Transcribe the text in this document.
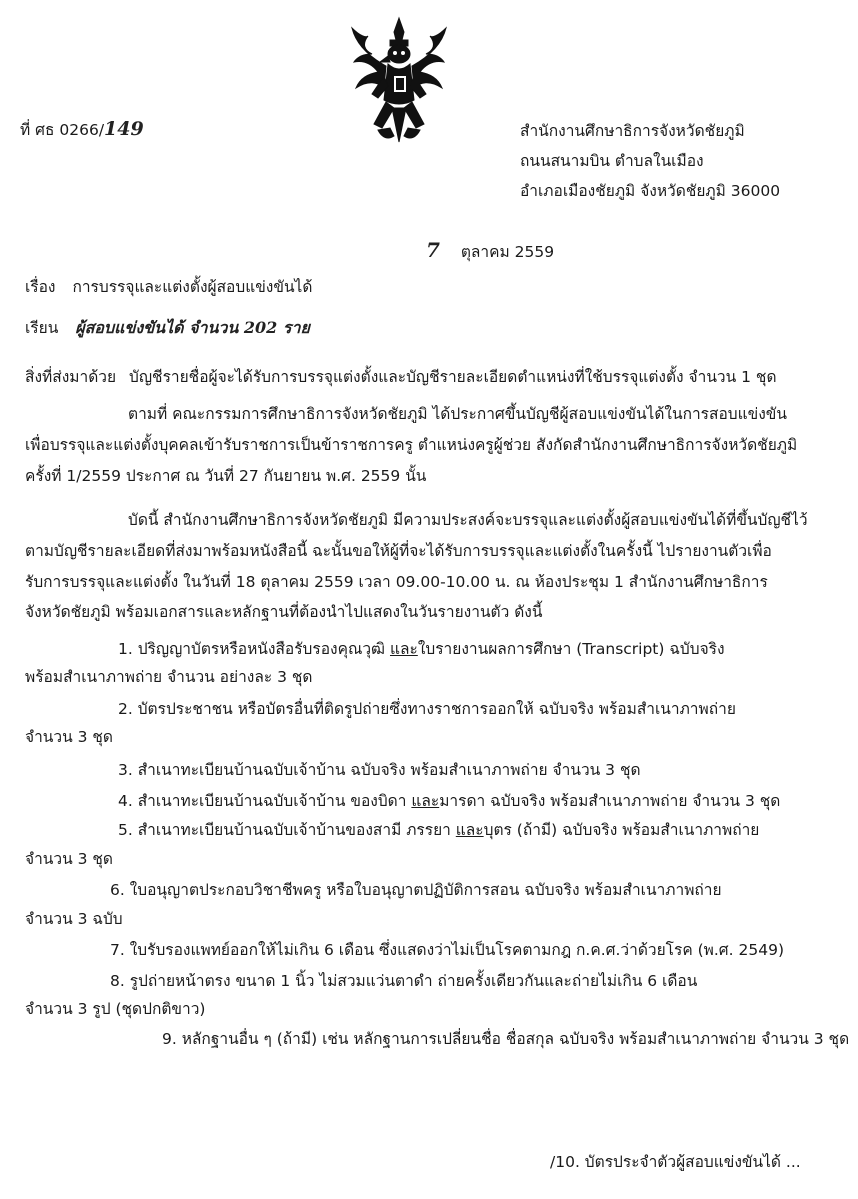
ที่ ศธ 0266/149	สำนักงานศึกษาธิการจังหวัดชัยภูมิ
ถนนสนามบิน ตำบลในเมือง
อำเภอเมืองชัยภูมิ จังหวัดชัยภูมิ 36000
7 ตุลาคม 2559
เรื่อง การบรรจุและแต่งตั้งผู้สอบแข่งขันได้
เรียน ผู้สอบแข่งขันได้ จำนวน 202 ราย
สิ่งที่ส่งมาด้วย บัญชีรายชื่อผู้จะได้รับการบรรจุแต่งตั้งและบัญชีรายละเอียดตำแหน่งที่ใช้บรรจุแต่งตั้ง จำนวน 1 ชุด
ตามที่ คณะกรรมการศึกษาธิการจังหวัดชัยภูมิ ได้ประกาศขึ้นบัญชีผู้สอบแข่งขันได้ในการสอบแข่งขัน
เพื่อบรรจุและแต่งตั้งบุคคลเข้ารับราชการเป็นข้าราชการครู ตำแหน่งครูผู้ช่วย สังกัดสำนักงานศึกษาธิการจังหวัดชัยภูมิ
ครั้งที่ 1/2559 ประกาศ ณ วันที่ 27 กันยายน พ.ศ. 2559 นั้น
บัดนี้ สำนักงานศึกษาธิการจังหวัดชัยภูมิ มีความประสงค์จะบรรจุและแต่งตั้งผู้สอบแข่งขันได้ที่ขึ้นบัญชีไว้
ตามบัญชีรายละเอียดที่ส่งมาพร้อมหนังสือนี้ ฉะนั้นขอให้ผู้ที่จะได้รับการบรรจุและแต่งตั้งในครั้งนี้ ไปรายงานตัวเพื่อ
รับการบรรจุและแต่งตั้ง ในวันที่ 18 ตุลาคม 2559 เวลา 09.00-10.00 น. ณ ห้องประชุม 1 สำนักงานศึกษาธิการ
จังหวัดชัยภูมิ พร้อมเอกสารและหลักฐานที่ต้องนำไปแสดงในวันรายงานตัว ดังนี้
1. ปริญญาบัตรหรือหนังสือรับรองคุณวุฒิ และใบรายงานผลการศึกษา (Transcript) ฉบับจริง
พร้อมสำเนาภาพถ่าย จำนวน อย่างละ 3 ชุด
2. บัตรประชาชน หรือบัตรอื่นที่ติดรูปถ่ายซึ่งทางราชการออกให้ ฉบับจริง พร้อมสำเนาภาพถ่าย
จำนวน 3 ชุด
3. สำเนาทะเบียนบ้านฉบับเจ้าบ้าน ฉบับจริง พร้อมสำเนาภาพถ่าย จำนวน 3 ชุด
4. สำเนาทะเบียนบ้านฉบับเจ้าบ้าน ของบิดา และมารดา ฉบับจริง พร้อมสำเนาภาพถ่าย จำนวน 3 ชุด
5. สำเนาทะเบียนบ้านฉบับเจ้าบ้านของสามี ภรรยา และบุตร (ถ้ามี) ฉบับจริง พร้อมสำเนาภาพถ่าย
จำนวน 3 ชุด
6. ใบอนุญาตประกอบวิชาชีพครู หรือใบอนุญาตปฏิบัติการสอน ฉบับจริง พร้อมสำเนาภาพถ่าย
จำนวน 3 ฉบับ
7. ใบรับรองแพทย์ออกให้ไม่เกิน 6 เดือน ซึ่งแสดงว่าไม่เป็นโรคตามกฎ ก.ค.ศ.ว่าด้วยโรค (พ.ศ. 2549)
8. รูปถ่ายหน้าตรง ขนาด 1 นิ้ว ไม่สวมแว่นตาดำ ถ่ายครั้งเดียวกันและถ่ายไม่เกิน 6 เดือน
จำนวน 3 รูป (ชุดปกติขาว)
9. หลักฐานอื่น ๆ (ถ้ามี) เช่น หลักฐานการเปลี่ยนชื่อ ชื่อสกุล ฉบับจริง พร้อมสำเนาภาพถ่าย จำนวน 3 ชุด
/10. บัตรประจำตัวผู้สอบแข่งขันได้ ...
